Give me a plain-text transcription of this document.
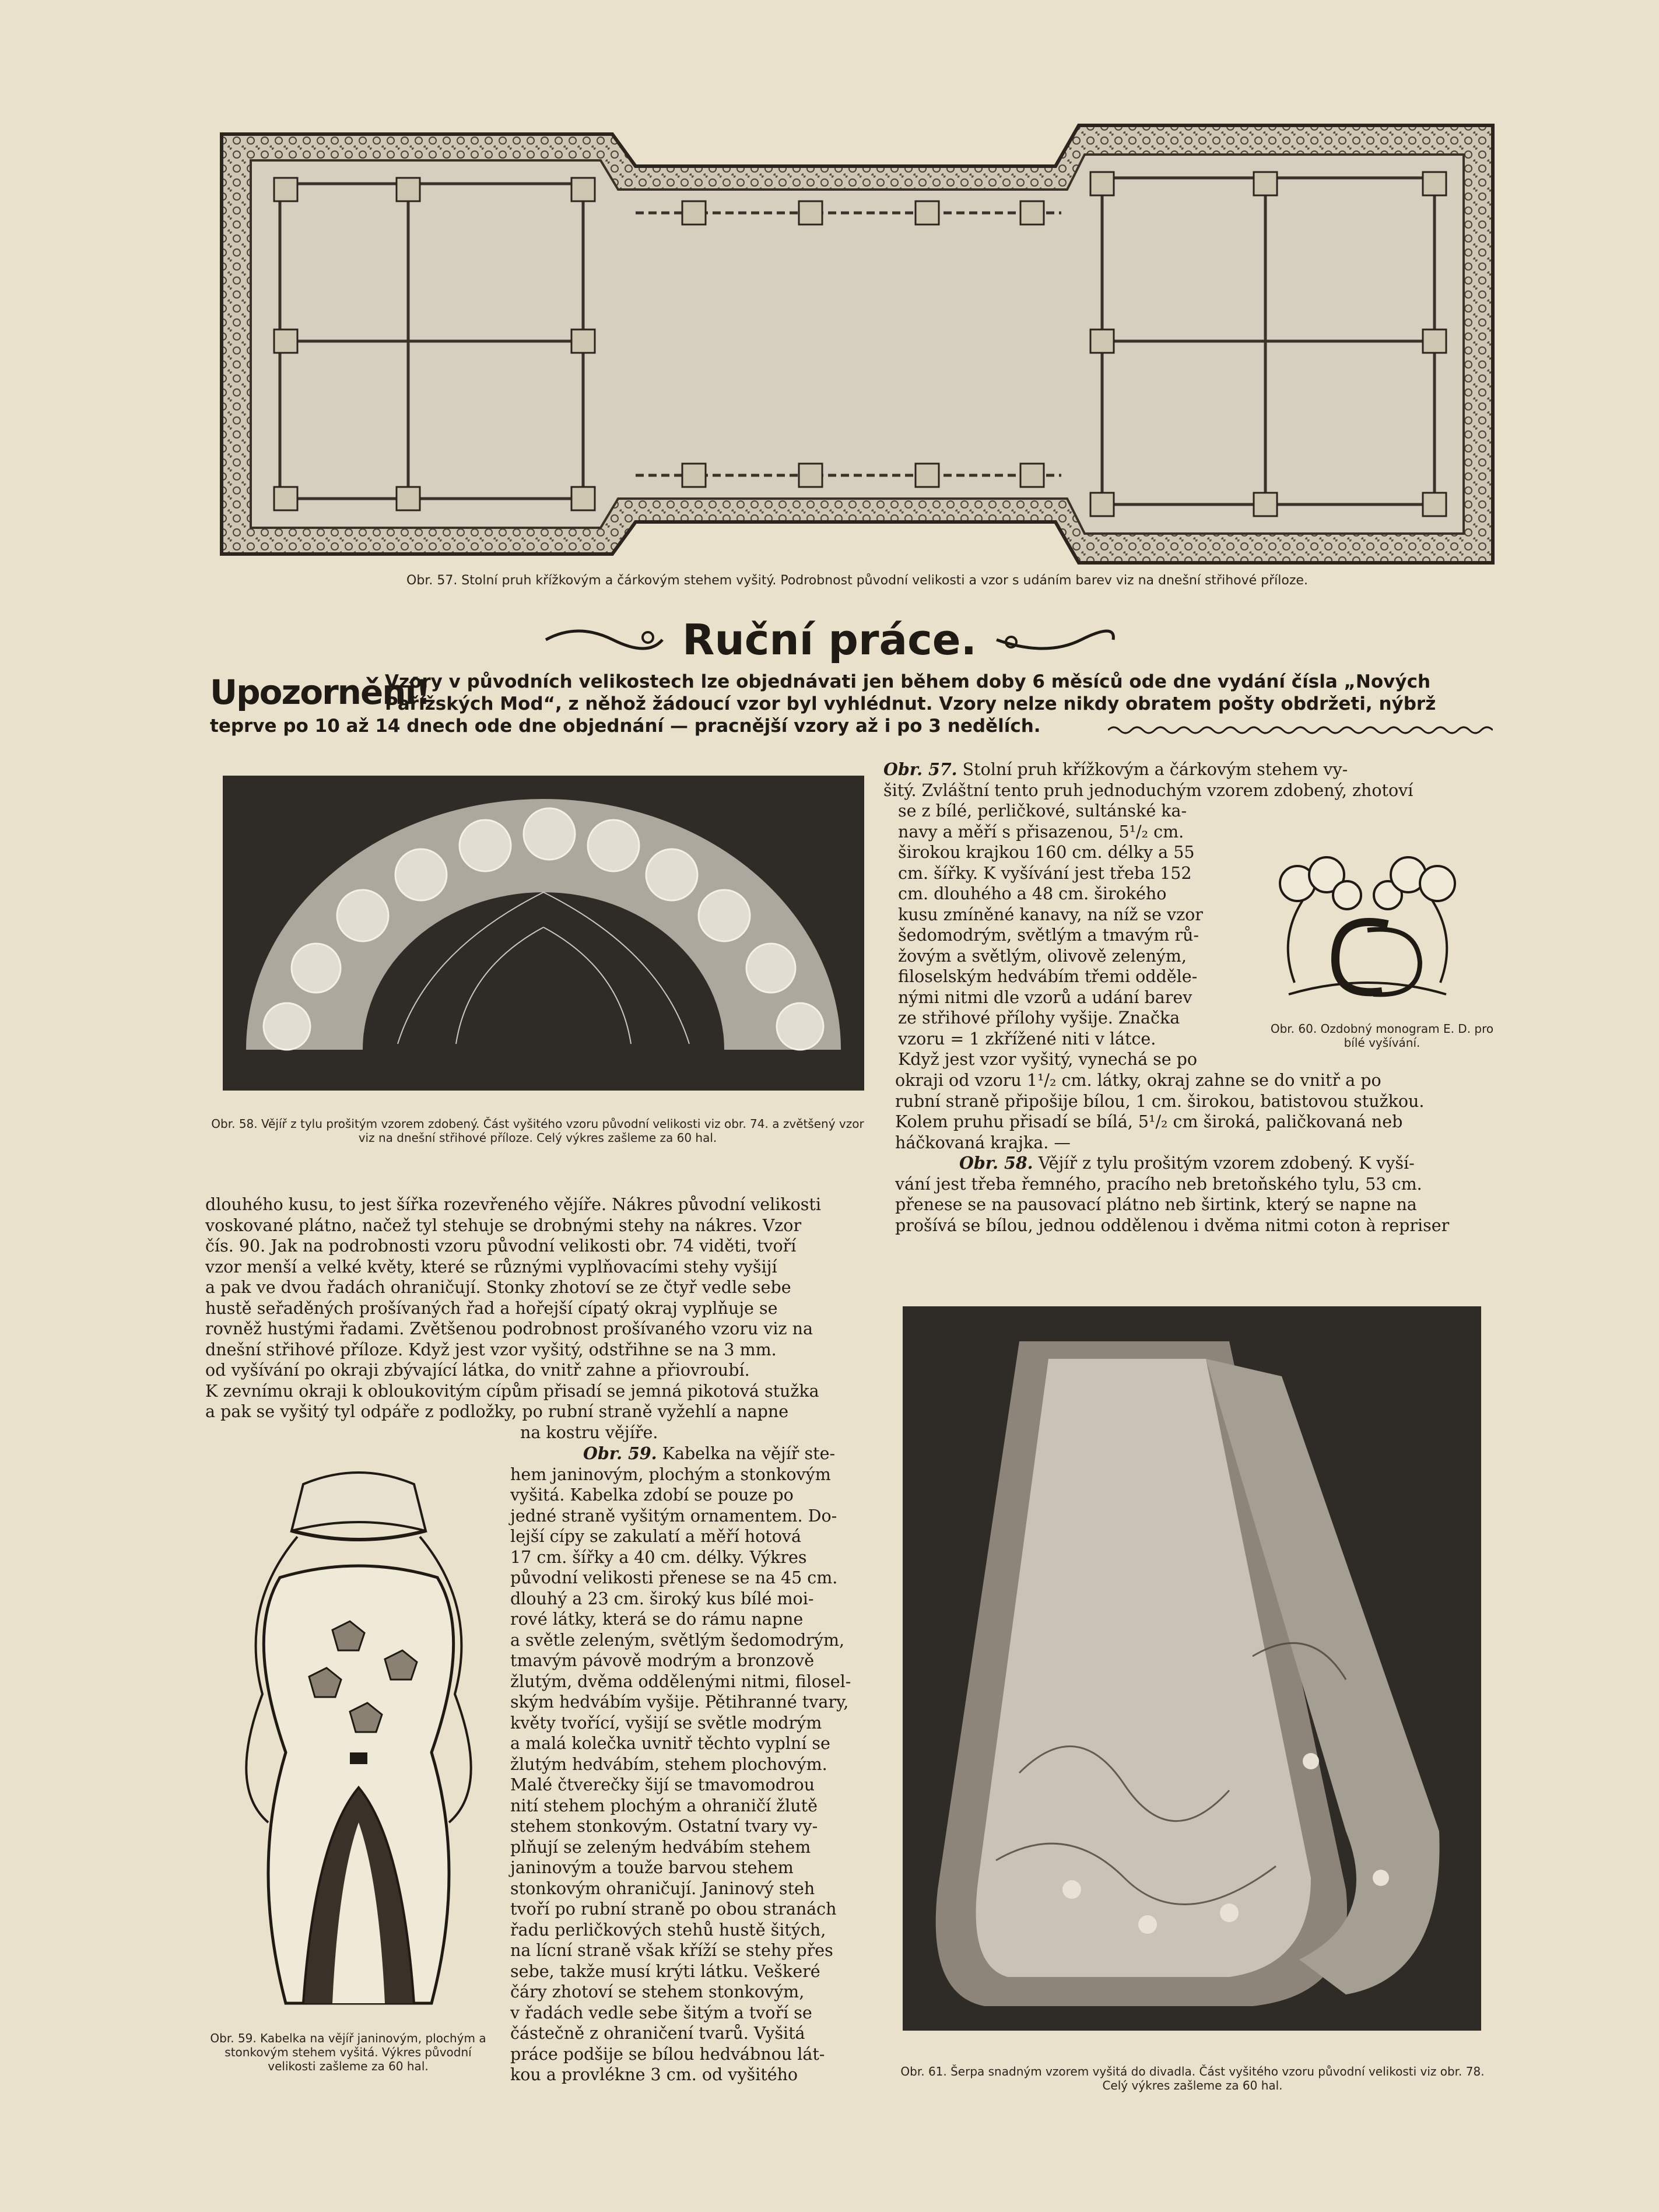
Obr. 57. Stolní pruh křížkovým a čárkovým stehem vyšitý. Podrobnost původní velikosti a vzor s udáním barev viz na dnešní střihové příloze.
Ruční práce.
Upozornění!
Vzory v původních velikostech lze objednávati jen během doby 6 měsíců ode dne vydání čísla „Nových
Pařížských Mod“, z něhož žádoucí vzor byl vyhlédnut. Vzory nelze nikdy obratem pošty obdržeti, nýbrž
teprve po 10 až 14 dnech ode dne objednání — pracnější vzory až i po 3 nedělích.
Obr. 58. Vějíř z tylu prošitým vzorem zdobený. Část vyšitého vzoru původní velikosti viz obr. 74. a zvětšený vzor viz na dnešní střihové příloze. Celý výkres zašleme za 60 hal.

Obr. 57. Stolní pruh křížkovým a čárkovým stehem vy-

šitý. Zvláštní tento pruh jednoduchým vzorem zdobený, zhotoví

se z bílé, perličkové, sultánské ka-

navy a měří s přisazenou, 5¹/₂ cm.

širokou krajkou 160 cm. délky a 55

cm. šířky. K vyšívání jest třeba 152

cm. dlouhého a 48 cm. širokého

kusu zmíněné kanavy, na níž se vzor

šedomodrým, světlým a tmavým rů-

žovým a světlým, olivově zeleným,

filoselským hedvábím třemi odděle-

nými nitmi dle vzorů a udání barev

ze střihové přílohy vyšije. Značka

vzoru = 1 zkřížené niti v látce.

Když jest vzor vyšitý, vynechá se po

Obr. 60. Ozdobný monogram E. D. pro bílé vyšívání.

okraji od vzoru 1¹/₂ cm. látky, okraj zahne se do vnitř a po

rubní straně připošije bílou, 1 cm. širokou, batistovou stužkou.

Kolem pruhu přisadí se bílá, 5¹/₂ cm široká, paličkovaná neb

háčkovaná krajka. —

Obr. 58. Vějíř z tylu prošitým vzorem zdobený. K vyší-

vání jest třeba řemného, pracího neb bretoňského tylu, 53 cm.

přenese se na pausovací plátno neb širtink, který se napne na

prošívá se bílou, jednou oddělenou i dvěma nitmi coton à repriser

dlouhého kusu, to jest šířka rozevřeného vějíře. Nákres původní velikosti

voskované plátno, načež tyl stehuje se drobnými stehy na nákres. Vzor

čís. 90. Jak na podrobnosti vzoru původní velikosti obr. 74 viděti, tvoří

vzor menší a velké květy, které se různými vyplňovacími stehy vyšijí

a pak ve dvou řadách ohraničují. Stonky zhotoví se ze čtyř vedle sebe

hustě seřaděných prošívaných řad a hořejší cípatý okraj vyplňuje se

rovněž hustými řadami. Zvětšenou podrobnost prošívaného vzoru viz na

dnešní střihové příloze. Když jest vzor vyšitý, odstřihne se na 3 mm.

od vyšívání po okraji zbývající látka, do vnitř zahne a přiovroubí.

K zevnímu okraji k obloukovitým cípům přisadí se jemná pikotová stužka

a pak se vyšitý tyl odpáře z podložky, po rubní straně vyžehlí a napne

na kostru vějíře.

Obr. 59. Kabelka na vějíř janinovým, plochým a stonkovým stehem vyšitá. Výkres původní velikosti zašleme za 60 hal.

Obr. 59. Kabelka na vějíř ste-

hem janinovým, plochým a stonkovým

vyšitá. Kabelka zdobí se pouze po

jedné straně vyšitým ornamentem. Do-

lejší cípy se zakulatí a měří hotová

17 cm. šířky a 40 cm. délky. Výkres

původní velikosti přenese se na 45 cm.

dlouhý a 23 cm. široký kus bílé moi-

rové látky, která se do rámu napne

a světle zeleným, světlým šedomodrým,

tmavým pávově modrým a bronzově

žlutým, dvěma oddělenými nitmi, filosel-

ským hedvábím vyšije. Pětihranné tvary,

květy tvořící, vyšijí se světle modrým

a malá kolečka uvnitř těchto vyplní se

žlutým hedvábím, stehem plochovým.

Malé čtverečky šijí se tmavomodrou

nití stehem plochým a ohraničí žlutě

stehem stonkovým. Ostatní tvary vy-

plňují se zeleným hedvábím stehem

janinovým a touže barvou stehem

stonkovým ohraničují. Janinový steh

tvoří po rubní straně po obou stranách

řadu perličkových stehů hustě šitých,

na lícní straně však kříží se stehy přes

sebe, takže musí krýti látku. Veškeré

čáry zhotoví se stehem stonkovým,

v řadách vedle sebe šitým a tvoří se

částečně z ohraničení tvarů. Vyšitá

práce podšije se bílou hedvábnou lát-

kou a provlékne 3 cm. od vyšitého	Obr. 61. Šerpa snadným vzorem vyšitá do divadla. Část vyšitého vzoru původní velikosti viz obr. 78. Celý výkres zašleme za 60 hal.
